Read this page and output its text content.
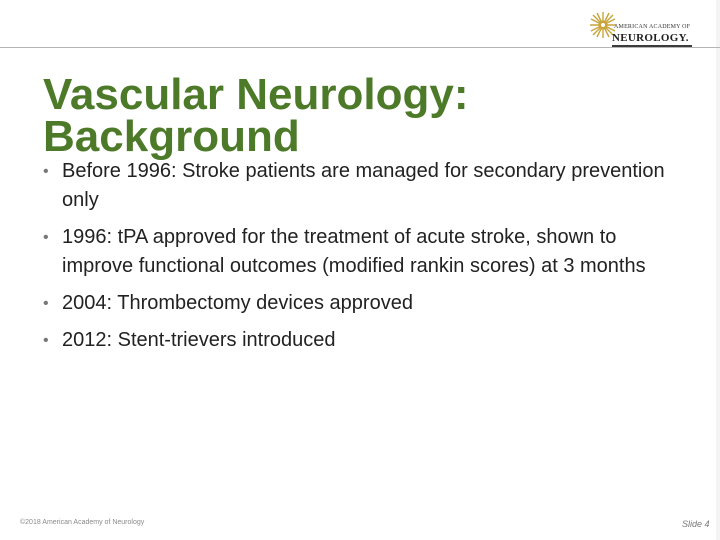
AMERICAN ACADEMY OF
NEUROLOGY.
Vascular Neurology: Background
• Before 1996: Stroke patients are managed for secondary prevention only
• 1996: tPA approved for the treatment of acute stroke, shown to improve functional outcomes (modified rankin scores) at 3 months
• 2004: Thrombectomy devices approved
• 2012: Stent-trievers introduced
©2018 American Academy of Neurology	Slide 4
